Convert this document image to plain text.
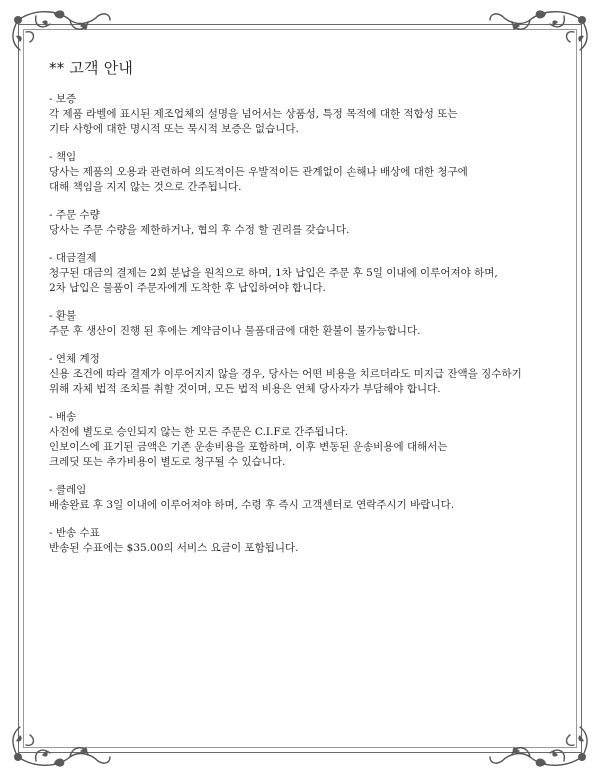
** 고객 안내
- 보증
각 제품 라벨에 표시된 제조업체의 설명을 넘어서는 상품성, 특정 목적에 대한 적합성 또는
기타 사항에 대한 명시적 또는 묵시적 보증은 없습니다.
- 책임
당사는 제품의 오용과 관련하여 의도적이든 우발적이든 관계없이 손해나 배상에 대한 청구에
대해 책임을 지지 않는 것으로 간주됩니다.
- 주문 수량
당사는 주문 수량을 제한하거나, 협의 후 수정 할 권리를 갖습니다.
- 대금결제
청구된 대금의 결제는 2회 분납을 원칙으로 하며, 1차 납입은 주문 후 5일 이내에 이루어져야 하며,
2차 납입은 물품이 주문자에게 도착한 후 납입하여야 합니다.
- 환불
주문 후 생산이 진행 된 후에는 계약금이나 물품대금에 대한 환불이 불가능합니다.
- 연체 계정
신용 조건에 따라 결제가 이루어지지 않을 경우, 당사는 어떤 비용을 치르더라도 미지급 잔액을 징수하기
위해 자체 법적 조치를 취할 것이며, 모든 법적 비용은 연체 당사자가 부담해야 합니다.
- 배송
사전에 별도로 승인되지 않는 한 모든 주문은 C.I.F로 간주됩니다.
인보이스에 표기된 금액은 기존 운송비용을 포함하며, 이후 변동된 운송비용에 대해서는
크레딧 또는 추가비용이 별도로 청구될 수 있습니다.
- 클레임
배송완료 후 3일 이내에 이루어져야 하며, 수령 후 즉시 고객센터로 연락주시기 바랍니다.
- 반송 수표
반송된 수표에는 $35.00의 서비스 요금이 포함됩니다.
